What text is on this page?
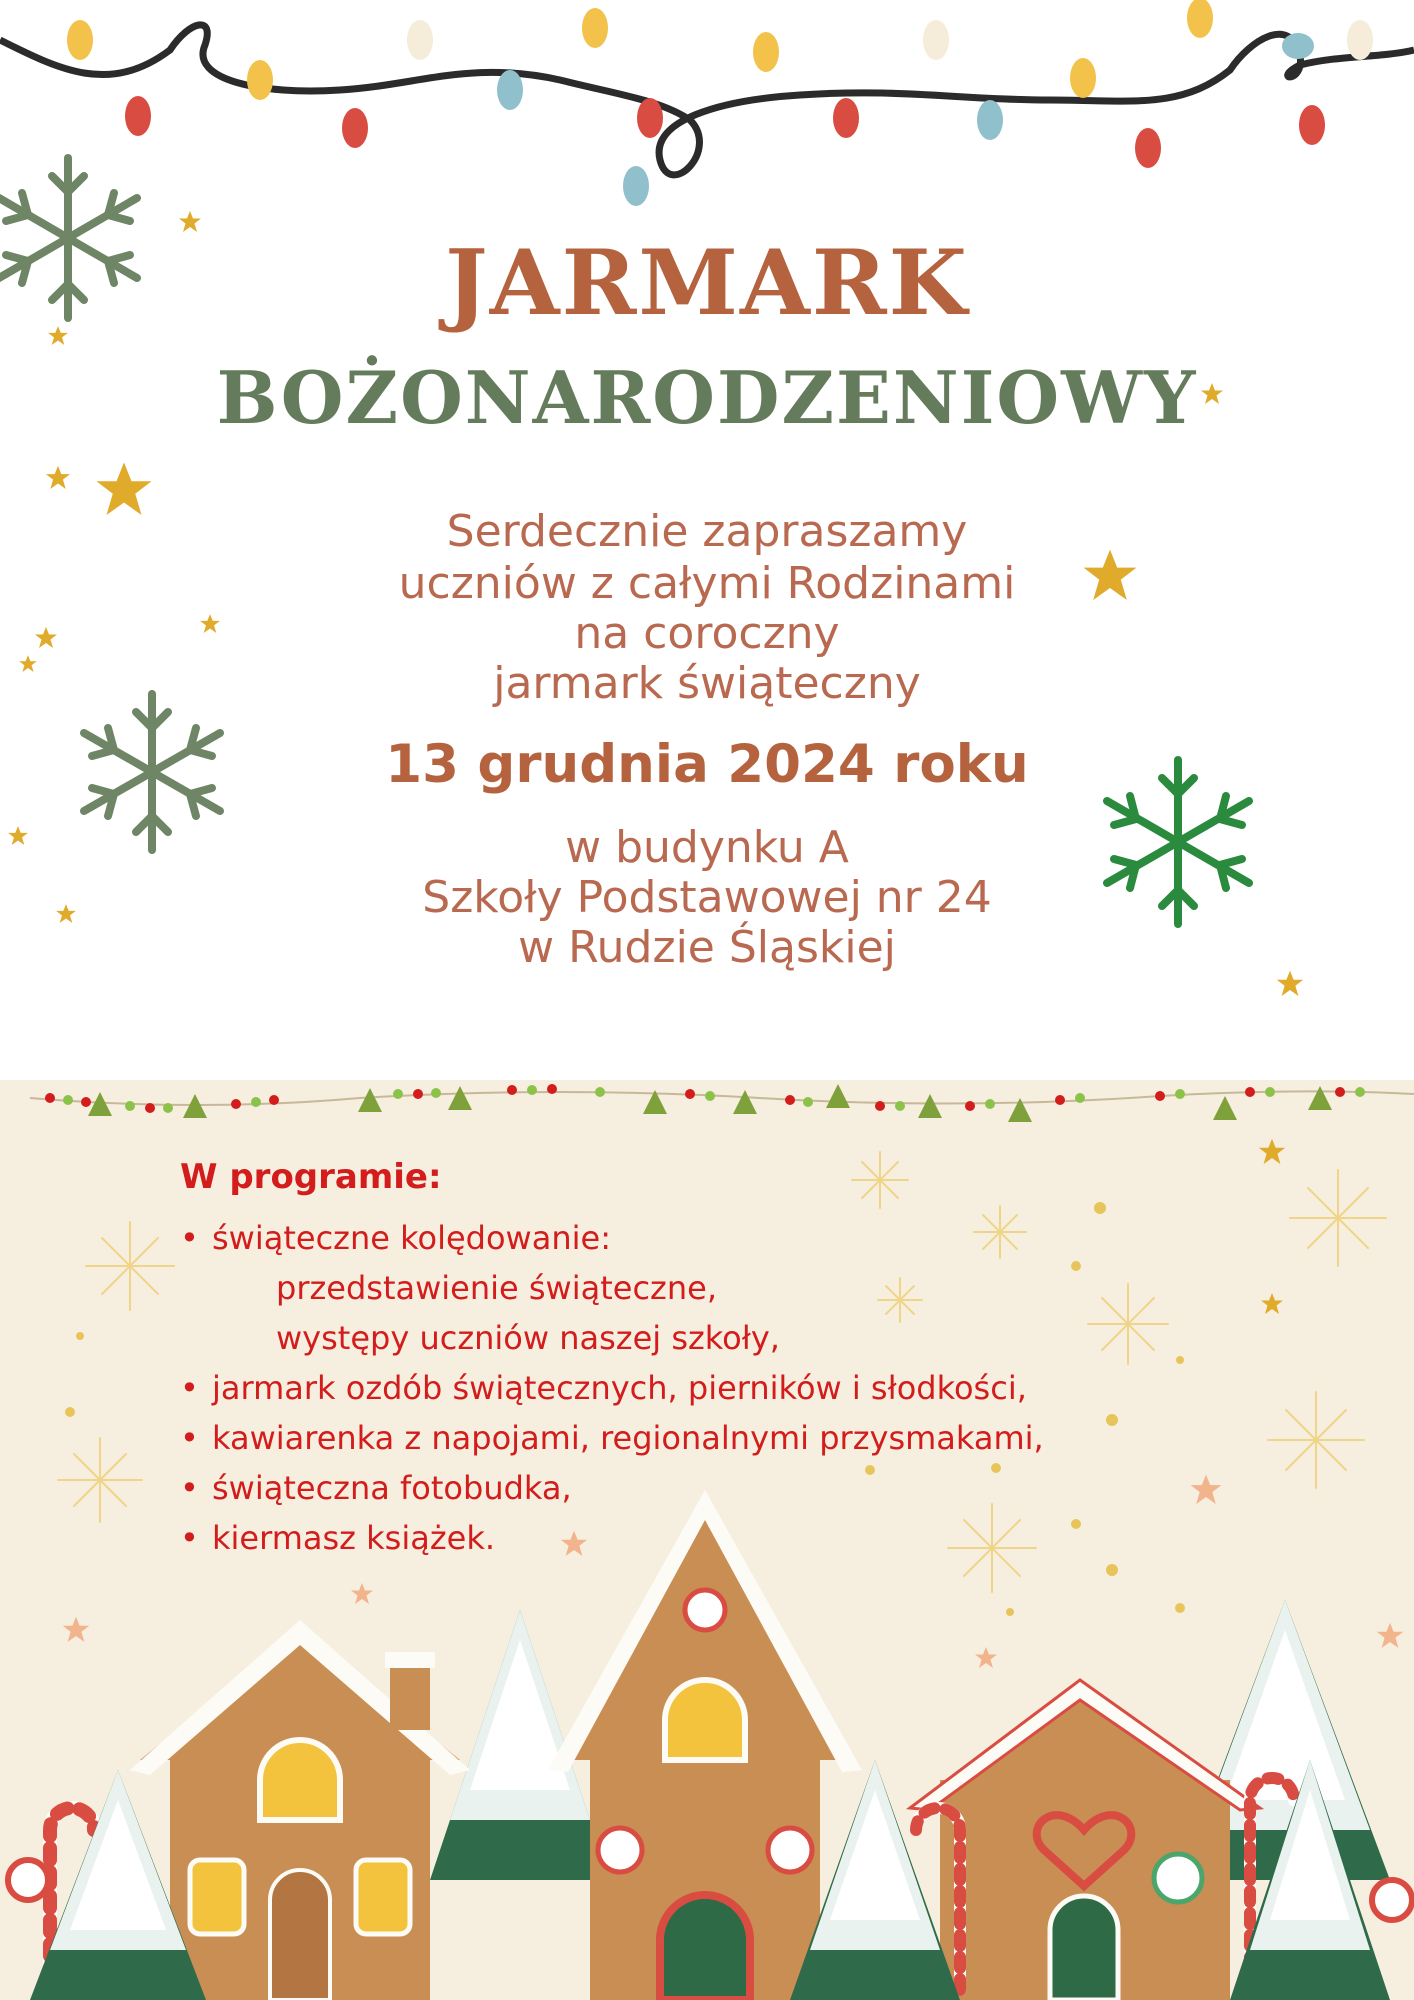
JARMARK
BOŻONARODZENIOWY
Serdecznie zapraszamy
uczniów z całymi Rodzinami
na coroczny
jarmark świąteczny
13 grudnia 2024 roku
w budynku A
Szkoły Podstawowej nr 24
w Rudzie Śląskiej
W programie:
• świąteczne kolędowanie:
przedstawienie świąteczne,
występy uczniów naszej szkoły,
• jarmark ozdób świątecznych, pierników i słodkości,
• kawiarenka z napojami, regionalnymi przysmakami,
• świąteczna fotobudka,
• kiermasz książek.
